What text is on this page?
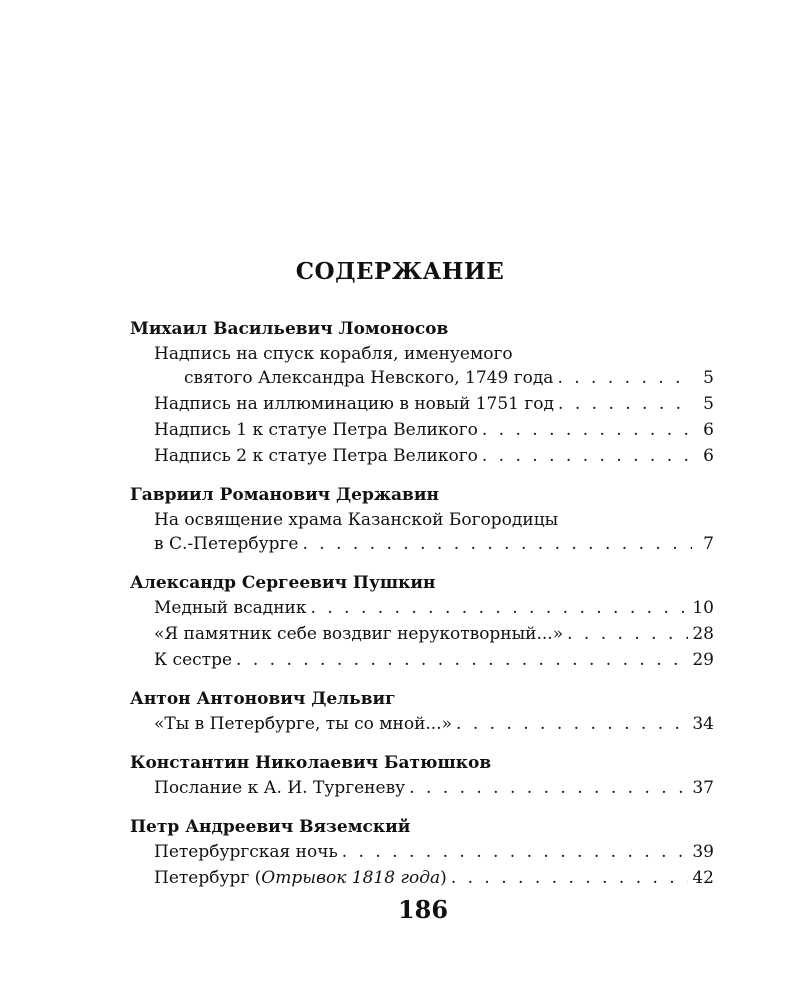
СОДЕРЖАНИЕ
Михаил Васильевич Ломоносов
Надпись на спуск корабля, именуемого
святого Александра Невского, 1749 года . . .	5
Надпись на иллюминацию в новый 1751 год . . .	5
Надпись 1 к статуе Петра Великого . . .	6
Надпись 2 к статуе Петра Великого . . .	6
Гавриил Романович Державин
На освящение храма Казанской Богородицы
в С.-Петербурге . . .	7
Александр Сергеевич Пушкин
Медный всадник . . .	10
«Я памятник себе воздвиг нерукотворный...» . . .	28
К сестре . . .	29
Антон Антонович Дельвиг
«Ты в Петербурге, ты со мной...» . . .	34
Константин Николаевич Батюшков
Послание к А. И. Тургеневу . . .	37
Петр Андреевич Вяземский
Петербургская ночь . . .	39
Петербург (Отрывок 1818 года) . . .	42
186
